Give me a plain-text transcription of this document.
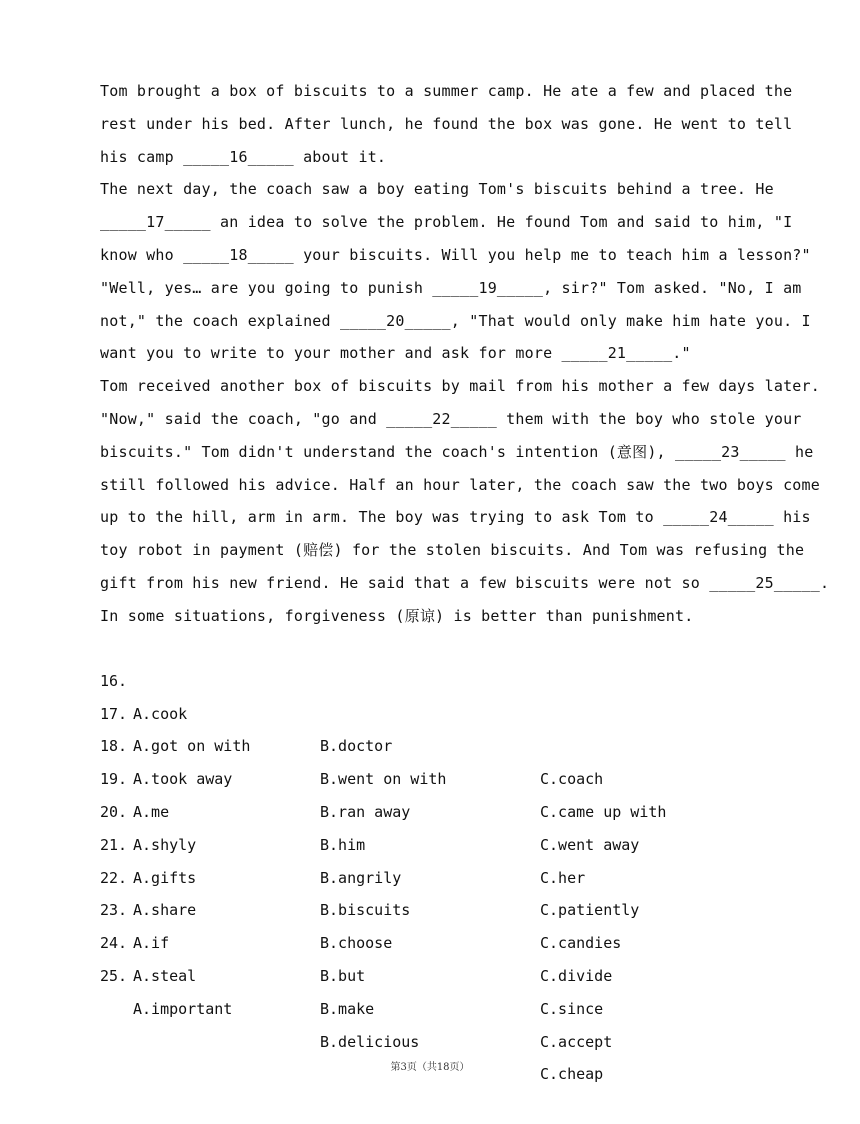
Tom brought a box of biscuits to a summer camp. He ate a few and placed the
rest under his bed. After lunch, he found the box was gone. He went to tell
his camp _____16_____ about it.
The next day, the coach saw a boy eating Tom's biscuits behind a tree. He
_____17_____ an idea to solve the problem. He found Tom and said to him, "I
know who _____18_____ your biscuits. Will you help me to teach him a lesson?"
"Well, yes… are you going to punish _____19_____, sir?" Tom asked. "No, I am
not," the coach explained _____20_____, "That would only make him hate you. I
want you to write to your mother and ask for more _____21_____."
Tom received another box of biscuits by mail from his mother a few days later.
"Now," said the coach, "go and _____22_____ them with the boy who stole your
biscuits." Tom didn't understand the coach's intention (意图), _____23_____ he
still followed his advice. Half an hour later, the coach saw the two boys come
up to the hill, arm in arm. The boy was trying to ask Tom to _____24_____ his
toy robot in payment (赔偿) for the stolen biscuits. And Tom was refusing the
gift from his new friend. He said that a few biscuits were not so _____25_____.
In some situations, forgiveness (原谅) is better than punishment.

16.

A.cook

B.doctor

C.coach

17.

A.got on with

B.went on with

C.came up with

18.

A.took away

B.ran away

C.went away

19.

A.me

B.him

C.her

20.

A.shyly

B.angrily

C.patiently

21.

A.gifts

B.biscuits

C.candies

22.

A.share

B.choose

C.divide

23.

A.if

B.but

C.since

24.

A.steal

B.make

C.accept

25.

A.important

B.delicious

C.cheap

第3页（共18页）
